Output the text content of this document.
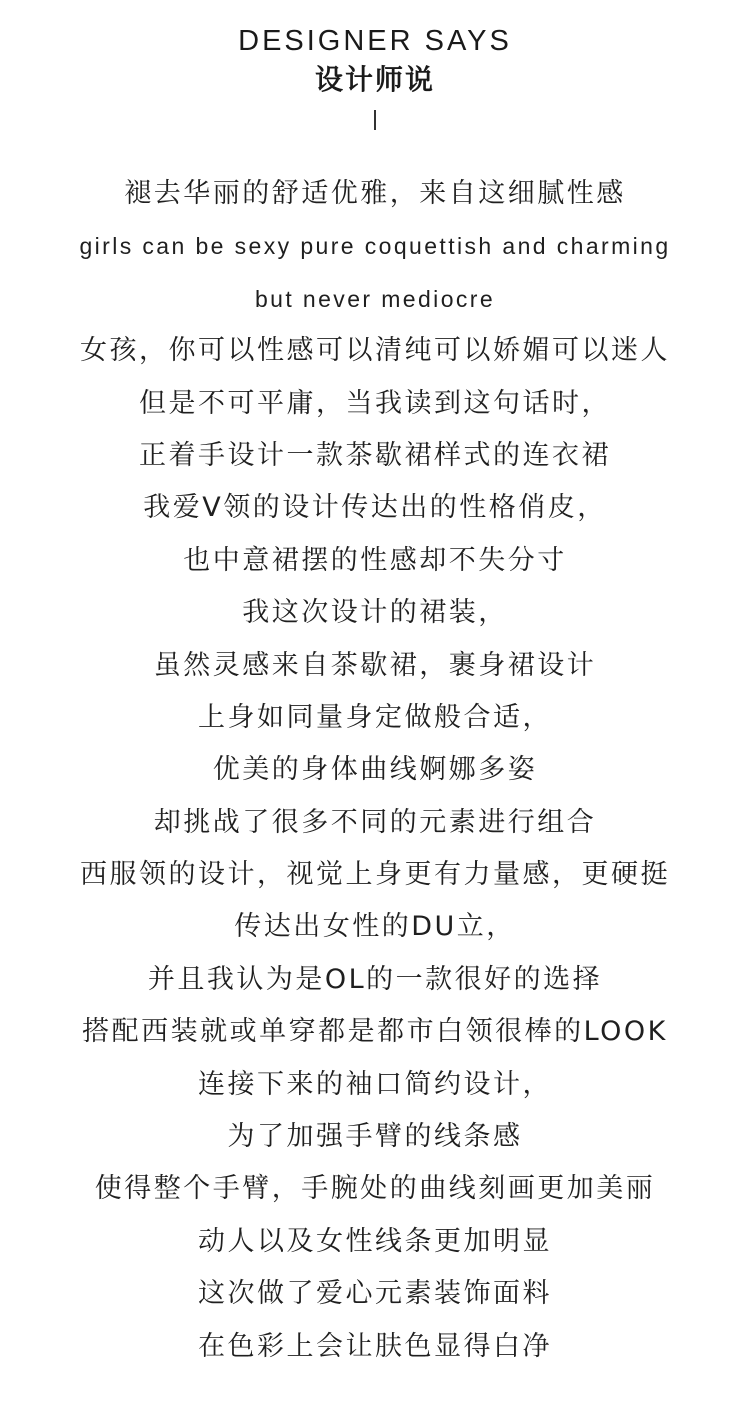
DESIGNER SAYS
设计师说
褪去华丽的舒适优雅，来自这细腻性感
girls can be sexy pure coquettish and charming
but never mediocre
女孩，你可以性感可以清纯可以娇媚可以迷人
但是不可平庸，当我读到这句话时，
正着手设计一款茶歇裙样式的连衣裙
我爱V领的设计传达出的性格俏皮，
也中意裙摆的性感却不失分寸
我这次设计的裙装，
虽然灵感来自茶歇裙，裹身裙设计
上身如同量身定做般合适，
优美的身体曲线婀娜多姿
却挑战了很多不同的元素进行组合
西服领的设计，视觉上身更有力量感，更硬挺
传达出女性的DU立，
并且我认为是OL的一款很好的选择
搭配西装就或单穿都是都市白领很棒的LOOK
连接下来的袖口简约设计，
为了加强手臂的线条感
使得整个手臂，手腕处的曲线刻画更加美丽
动人以及女性线条更加明显
这次做了爱心元素装饰面料
在色彩上会让肤色显得白净
